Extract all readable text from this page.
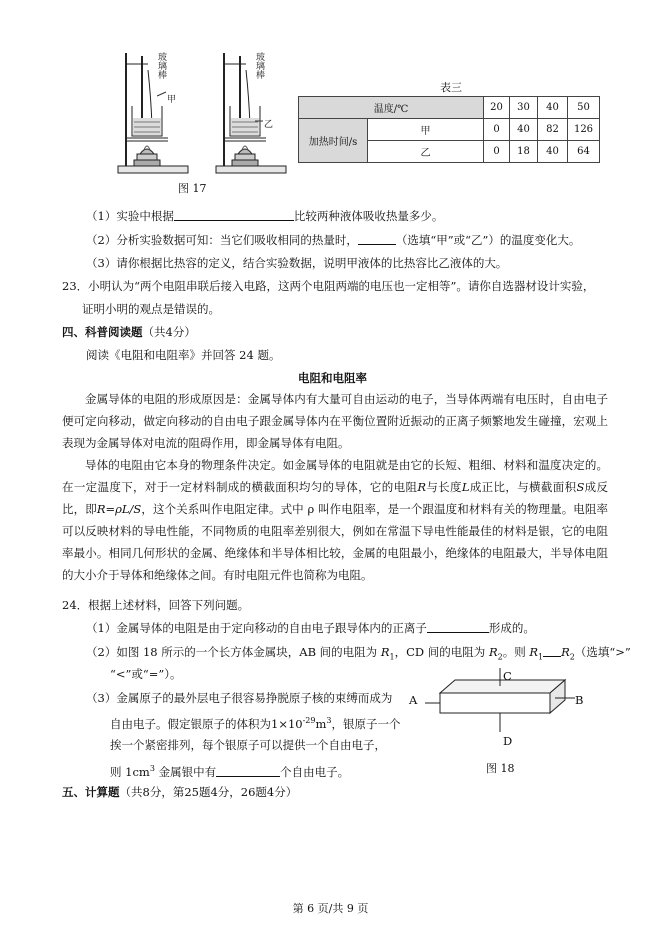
玻璃棒
甲
玻璃棒
乙
图 17
表三
温度/℃		20	30	40	50
加热时间/s	甲	0	40	82	126
	乙	0	18	40	64
（1）实验中根据	比较两种液体吸收热量多少。
（2）分析实验数据可知：当它们吸收相同的热量时，	（选填“甲”或“乙”）的温度变化大。
（3）请你根据比热容的定义，结合实验数据，说明甲液体的比热容比乙液体的大。
23．小明认为“两个电阻串联后接入电路，这两个电阻两端的电压也一定相等”。请你自选器材设计实验，
证明小明的观点是错误的。
四、科普阅读题（共4分）
阅读《电阻和电阻率》并回答 24 题。
电阻和电阻率
金属导体的电阻的形成原因是：金属导体内有大量可自由运动的电子，当导体两端有电压时，自由电子便可定向移动，做定向移动的自由电子跟金属导体内在平衡位置附近振动的正离子频繁地发生碰撞，宏观上表现为金属导体对电流的阻碍作用，即金属导体有电阻。
导体的电阻由它本身的物理条件决定。如金属导体的电阻就是由它的长短、粗细、材料和温度决定的。在一定温度下，对于一定材料制成的横截面积均匀的导体，它的电阻R与长度L成正比，与横截面积S成反比，即R=ρL/S，这个关系叫作电阻定律。式中 ρ 叫作电阻率，是一个跟温度和材料有关的物理量。电阻率可以反映材料的导电性能，不同物质的电阻率差别很大，例如在常温下导电性能最佳的材料是银，它的电阻率最小。相同几何形状的金属、绝缘体和半导体相比较，金属的电阻最小，绝缘体的电阻最大，半导体电阻的大小介于导体和绝缘体之间。有时电阻元件也简称为电阻。
24．根据上述材料，回答下列问题。
（1）金属导体的电阻是由于定向移动的自由电子跟导体内的正离子	形成的。
（2）如图 18 所示的一个长方体金属块，AB 间的电阻为 $R_1$，CD 间的电阻为 $R_2$。则 $R_1$ $R_2$（选填“>”
“<”或“=”）。
（3）金属原子的最外层电子很容易挣脱原子核的束缚而成为
自由电子。假定银原子的体积为$1\times 10^{-29}m^3$，银原子一个
挨一个紧密排列，每个银原子可以提供一个自由电子，
则 $1cm^3$ 金属银中有	个自由电子。
A	B
C
D
图 18
五、计算题（共8分，第25题4分，26题4分）
第 6 页/共 9 页
